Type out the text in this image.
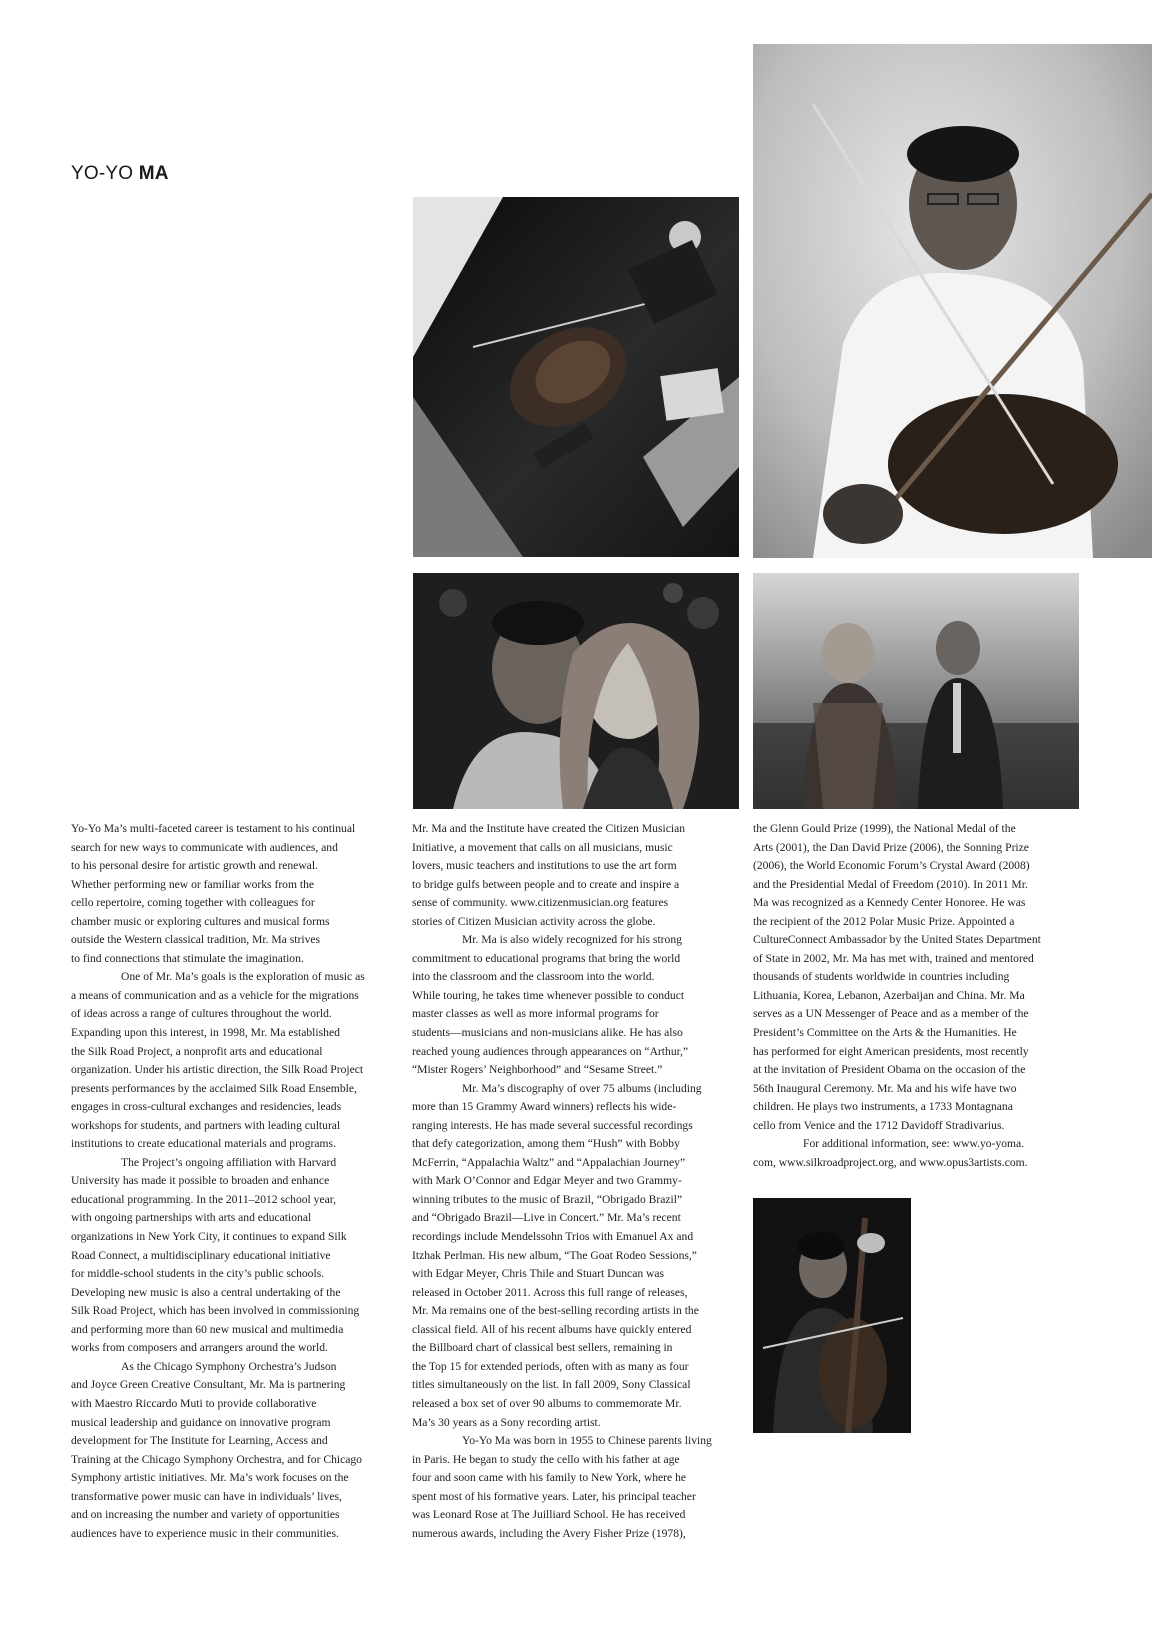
YO-YO MA

Yo-Yo Ma’s multi-faceted career is testament to his continual
search for new ways to communicate with audiences, and
to his personal desire for artistic growth and renewal.
Whether performing new or familiar works from the
cello repertoire, coming together with colleagues for
chamber music or exploring cultures and musical forms
outside the Western classical tradition, Mr. Ma strives
to find connections that stimulate the imagination.

One of Mr. Ma’s goals is the exploration of music as
a means of communication and as a vehicle for the migrations
of ideas across a range of cultures throughout the world.
Expanding upon this interest, in 1998, Mr. Ma established
the Silk Road Project, a nonprofit arts and educational
organization. Under his artistic direction, the Silk Road Project
presents performances by the acclaimed Silk Road Ensemble,
engages in cross-cultural exchanges and residencies, leads
workshops for students, and partners with leading cultural
institutions to create educational materials and programs.

The Project’s ongoing affiliation with Harvard
University has made it possible to broaden and enhance
educational programming. In the 2011–2012 school year,
with ongoing partnerships with arts and educational
organizations in New York City, it continues to expand Silk
Road Connect, a multidisciplinary educational initiative
for middle-school students in the city’s public schools.
Developing new music is also a central undertaking of the
Silk Road Project, which has been involved in commissioning
and performing more than 60 new musical and multimedia
works from composers and arrangers around the world.

As the Chicago Symphony Orchestra’s Judson
and Joyce Green Creative Consultant, Mr. Ma is partnering
with Maestro Riccardo Muti to provide collaborative
musical leadership and guidance on innovative program
development for The Institute for Learning, Access and
Training at the Chicago Symphony Orchestra, and for Chicago
Symphony artistic initiatives. Mr. Ma’s work focuses on the
transformative power music can have in individuals’ lives,
and on increasing the number and variety of opportunities
audiences have to experience music in their communities.

Mr. Ma and the Institute have created the Citizen Musician
Initiative, a movement that calls on all musicians, music
lovers, music teachers and institutions to use the art form
to bridge gulfs between people and to create and inspire a
sense of community. www.citizenmusician.org features
stories of Citizen Musician activity across the globe.

Mr. Ma is also widely recognized for his strong
commitment to educational programs that bring the world
into the classroom and the classroom into the world.
While touring, he takes time whenever possible to conduct
master classes as well as more informal programs for
students—musicians and non-musicians alike. He has also
reached young audiences through appearances on “Arthur,”
“Mister Rogers’ Neighborhood” and “Sesame Street.”

Mr. Ma’s discography of over 75 albums (including
more than 15 Grammy Award winners) reflects his wide-
ranging interests. He has made several successful recordings
that defy categorization, among them “Hush” with Bobby
McFerrin, “Appalachia Waltz” and “Appalachian Journey”
with Mark O’Connor and Edgar Meyer and two Grammy-
winning tributes to the music of Brazil, “Obrigado Brazil”
and “Obrigado Brazil—Live in Concert.” Mr. Ma’s recent
recordings include Mendelssohn Trios with Emanuel Ax and
Itzhak Perlman. His new album, “The Goat Rodeo Sessions,”
with Edgar Meyer, Chris Thile and Stuart Duncan was
released in October 2011. Across this full range of releases,
Mr. Ma remains one of the best-selling recording artists in the
classical field. All of his recent albums have quickly entered
the Billboard chart of classical best sellers, remaining in
the Top 15 for extended periods, often with as many as four
titles simultaneously on the list. In fall 2009, Sony Classical
released a box set of over 90 albums to commemorate Mr.
Ma’s 30 years as a Sony recording artist.

Yo-Yo Ma was born in 1955 to Chinese parents living
in Paris. He began to study the cello with his father at age
four and soon came with his family to New York, where he
spent most of his formative years. Later, his principal teacher
was Leonard Rose at The Juilliard School. He has received
numerous awards, including the Avery Fisher Prize (1978),

the Glenn Gould Prize (1999), the National Medal of the
Arts (2001), the Dan David Prize (2006), the Sonning Prize
(2006), the World Economic Forum’s Crystal Award (2008)
and the Presidential Medal of Freedom (2010). In 2011 Mr.
Ma was recognized as a Kennedy Center Honoree. He was
the recipient of the 2012 Polar Music Prize. Appointed a
CultureConnect Ambassador by the United States Department
of State in 2002, Mr. Ma has met with, trained and mentored
thousands of students worldwide in countries including
Lithuania, Korea, Lebanon, Azerbaijan and China. Mr. Ma
serves as a UN Messenger of Peace and as a member of the
President’s Committee on the Arts & the Humanities. He
has performed for eight American presidents, most recently
at the invitation of President Obama on the occasion of the
56th Inaugural Ceremony. Mr. Ma and his wife have two
children. He plays two instruments, a 1733 Montagnana
cello from Venice and the 1712 Davidoff Stradivarius.

For additional information, see: www.yo-yoma.

com, www.silkroadproject.org, and www.opus3artists.com.
